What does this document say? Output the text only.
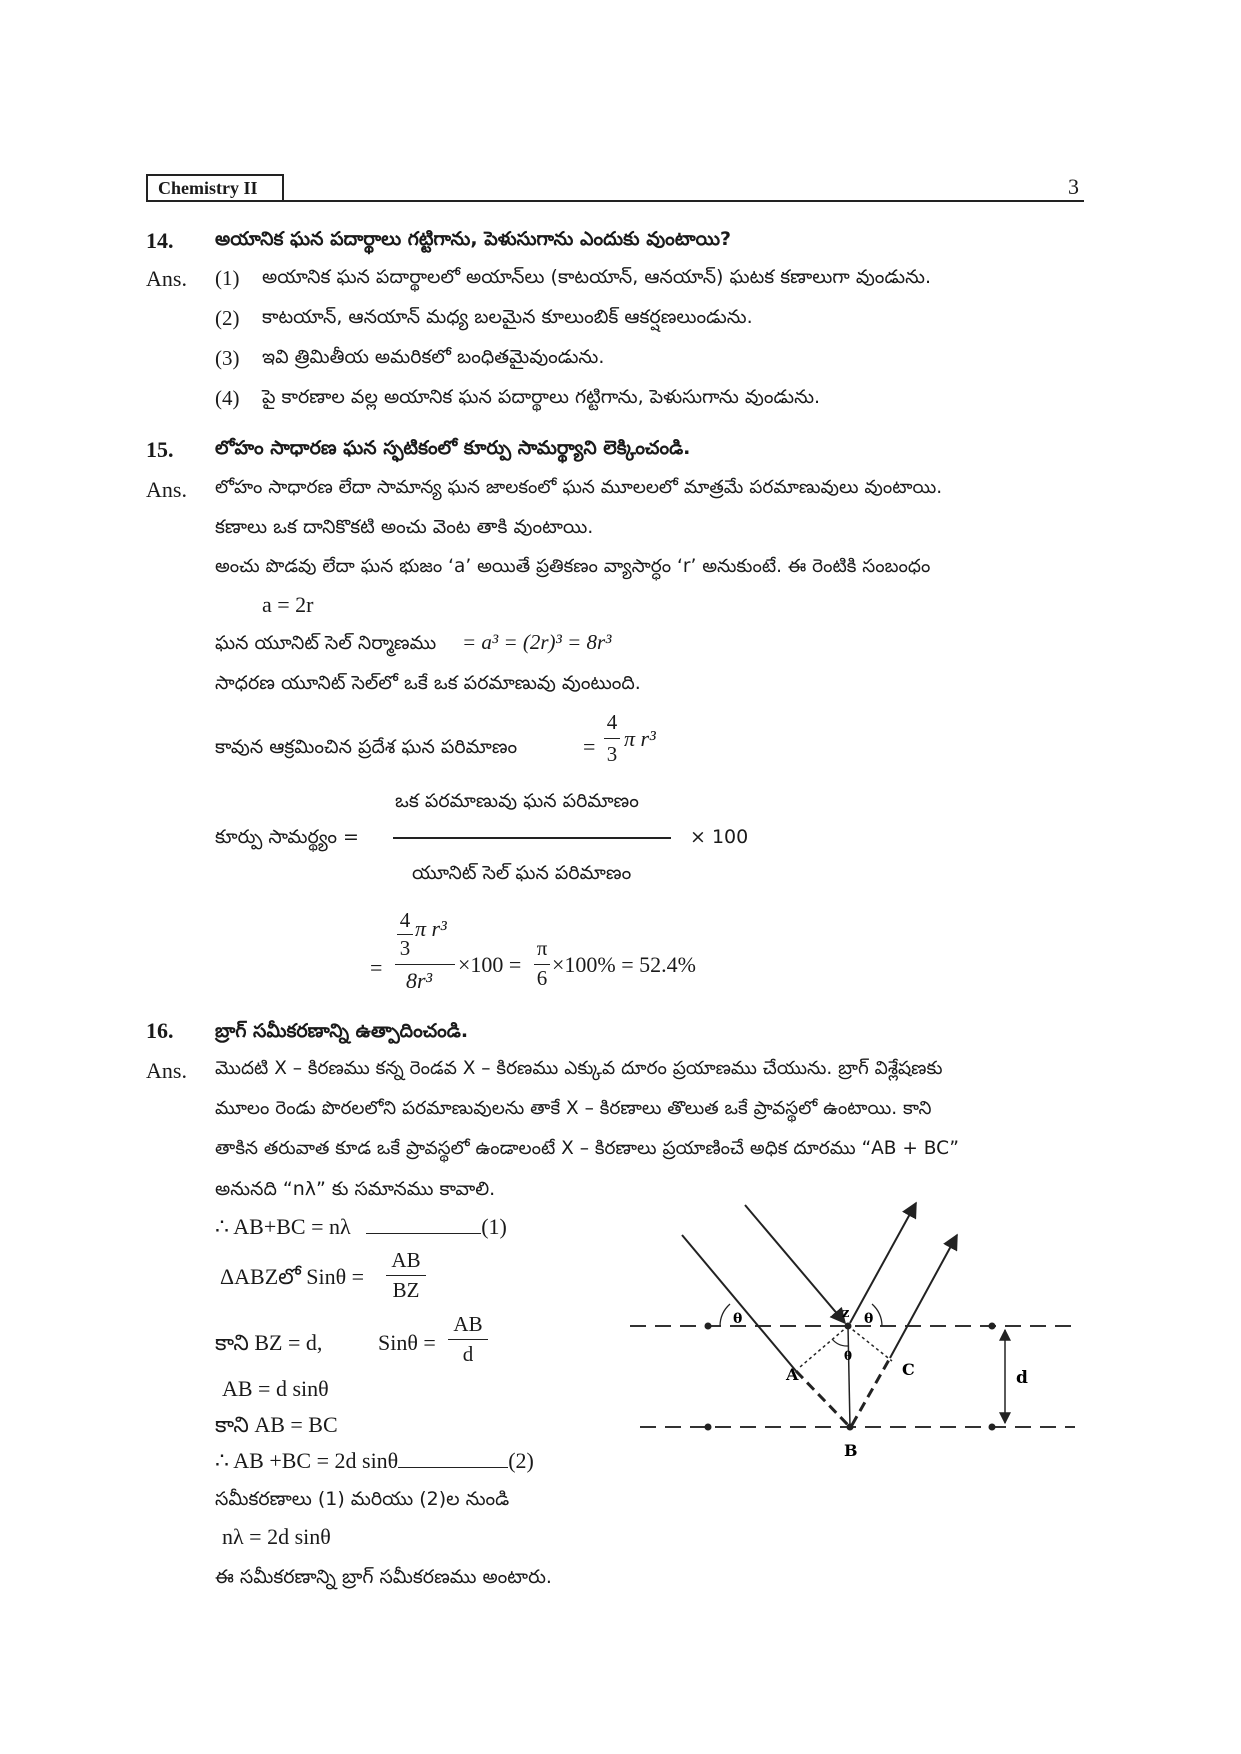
Chemistry II	3
14. అయానిక ఘన పదార్థాలు గట్టిగాను, పెళుసుగాను ఎందుకు వుంటాయి?
Ans. (1) అయానిక ఘన పదార్థాలలో అయాన్‌లు (కాటయాన్, ఆనయాన్) ఘటక కణాలుగా వుండును.
(2) కాటయాన్, ఆనయాన్ మధ్య బలమైన కూలుంబిక్ ఆకర్షణలుండును.
(3) ఇవి త్రిమితీయ అమరికలో బంధితమైవుండును.
(4) పై కారణాల వల్ల అయానిక ఘన పదార్థాలు గట్టిగాను, పెళుసుగాను వుండును.
15. లోహం సాధారణ ఘన స్ఫటికంలో కూర్పు సామర్థ్యాని లెక్కించండి.
Ans. లోహం సాధారణ లేదా సామాన్య ఘన జాలకంలో ఘన మూలలలో మాత్రమే పరమాణువులు వుంటాయి.
కణాలు ఒక దానికొకటి అంచు వెంట తాకి వుంటాయి.
అంచు పొడవు లేదా ఘన భుజం ‘a’ అయితే ప్రతికణం వ్యాసార్ధం ‘r’ అనుకుంటే. ఈ రెంటికి సంబంధం
a = 2r
ఘన యూనిట్ సెల్ నిర్మాణము = a³ = (2r)³ = 8r³
సాధరణ యూనిట్ సెల్‌లో ఒకే ఒక పరమాణువు వుంటుంది.
కావున ఆక్రమించిన ప్రదేశ ఘన పరిమాణం	=
4
3
π r³
కూర్పు సామర్థ్యం =
ఒక పరమాణువు ఘన పరిమాణం
యూనిట్ సెల్ ఘన పరిమాణం
× 100
=
4
3
π r³
8r³
×100 =
π
6
×100% = 52.4%
16. బ్రాగ్ సమీకరణాన్ని ఉత్పాదించండి.
Ans. మొదటి X – కిరణము కన్న రెండవ X – కిరణము ఎక్కువ దూరం ప్రయాణము చేయును. బ్రాగ్ విశ్లేషణకు
మూలం రెండు పొరలలోని పరమాణువులను తాకే X – కిరణాలు తొలుత ఒకే ప్రావస్థలో ఉంటాయి. కాని
తాకిన తరువాత కూడ ఒకే ప్రావస్థలో ఉండాలంటే X – కిరణాలు ప్రయాణించే అధిక దూరము “AB + BC”
అనునది “nλ” కు సమానము కావాలి.
∴ AB+BC = nλ	(1)
ΔABZలో Sinθ =
AB
BZ
కాని BZ = d,	Sinθ =
AB
d
AB = d sinθ
కాని AB = BC
∴ AB +BC = 2d sinθ	(2)
సమీకరణాలు (1) మరియు (2)ల నుండి
nλ = 2d sinθ
ఈ సమీకరణాన్ని బ్రాగ్ సమీకరణము అంటారు.
θ	θ
θ
z
A	C
B
d
